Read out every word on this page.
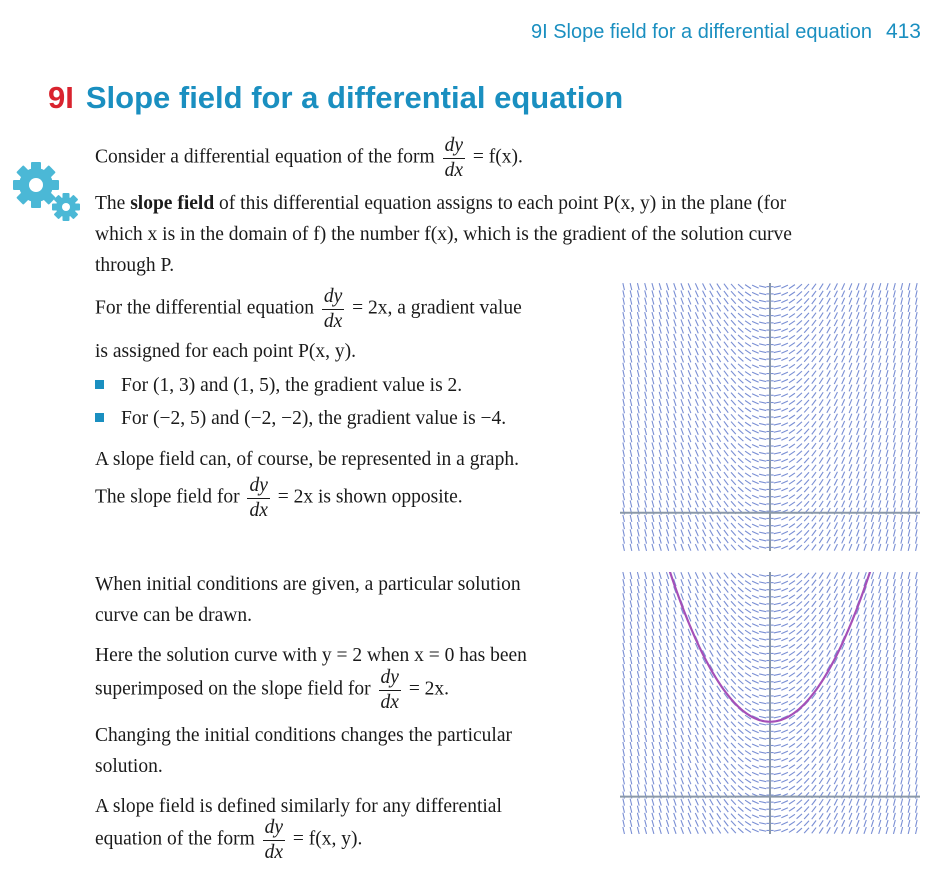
9I Slope field for a differential equation 413
9I Slope field for a differential equation
Consider a differential equation of the form $\frac{dy}{dx} = f(x)$.
The slope field of this differential equation assigns to each point P(x, y) in the plane (for
which x is in the domain of f) the number f(x), which is the gradient of the solution curve
through P.
For the differential equation $\frac{dy}{dx} = 2x$, a gradient value
is assigned for each point P(x, y).
For (1, 3) and (1, 5), the gradient value is 2.
For (−2, 5) and (−2, −2), the gradient value is −4.
A slope field can, of course, be represented in a graph.
The slope field for $\frac{dy}{dx} = 2x$ is shown opposite.
When initial conditions are given, a particular solution
curve can be drawn.
Here the solution curve with y = 2 when x = 0 has been
superimposed on the slope field for $\frac{dy}{dx} = 2x$.
Changing the initial conditions changes the particular
solution.
A slope field is defined similarly for any differential
equation of the form $\frac{dy}{dx} = f(x$, y).
